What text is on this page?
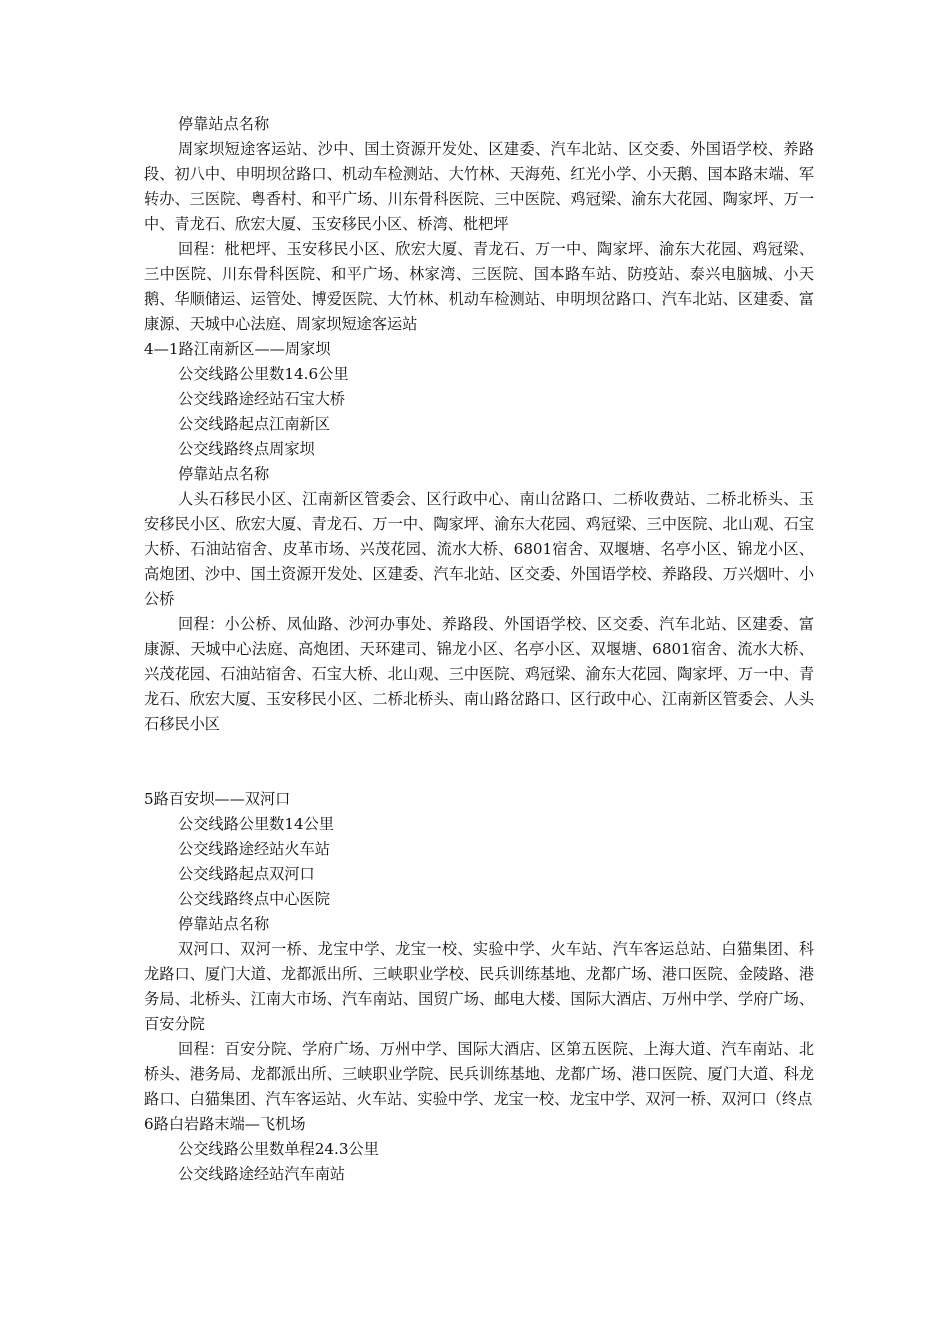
停靠站点名称

周家坝短途客运站、沙中、国土资源开发处、区建委、汽车北站、区交委、外国语学校、养路段、初八中、申明坝岔路口、机动车检测站、大竹林、天海苑、红光小学、小天鹅、国本路末端、军转办、三医院、粤香村、和平广场、川东骨科医院、三中医院、鸡冠梁、渝东大花园、陶家坪、万一中、青龙石、欣宏大厦、玉安移民小区、桥湾、枇杷坪

回程：枇杷坪、玉安移民小区、欣宏大厦、青龙石、万一中、陶家坪、渝东大花园、鸡冠梁、三中医院、川东骨科医院、和平广场、林家湾、三医院、国本路车站、防疫站、泰兴电脑城、小天鹅、华顺储运、运管处、博爱医院、大竹林、机动车检测站、申明坝岔路口、汽车北站、区建委、富康源、天城中心法庭、周家坝短途客运站

4—1路江南新区——周家坝

公交线路公里数14.6公里

公交线路途经站石宝大桥

公交线路起点江南新区

公交线路终点周家坝

停靠站点名称

人头石移民小区、江南新区管委会、区行政中心、南山岔路口、二桥收费站、二桥北桥头、玉安移民小区、欣宏大厦、青龙石、万一中、陶家坪、渝东大花园、鸡冠梁、三中医院、北山观、石宝大桥、石油站宿舍、皮革市场、兴茂花园、流水大桥、6801宿舍、双堰塘、名亭小区、锦龙小区、高炮团、沙中、国土资源开发处、区建委、汽车北站、区交委、外国语学校、养路段、万兴烟叶、小公桥

回程：小公桥、凤仙路、沙河办事处、养路段、外国语学校、区交委、汽车北站、区建委、富康源、天城中心法庭、高炮团、天环建司、锦龙小区、名亭小区、双堰塘、6801宿舍、流水大桥、兴茂花园、石油站宿舍、石宝大桥、北山观、三中医院、鸡冠梁、渝东大花园、陶家坪、万一中、青龙石、欣宏大厦、玉安移民小区、二桥北桥头、南山路岔路口、区行政中心、江南新区管委会、人头石移民小区

5路百安坝——双河口

公交线路公里数14公里

公交线路途经站火车站

公交线路起点双河口

公交线路终点中心医院

停靠站点名称

双河口、双河一桥、龙宝中学、龙宝一校、实验中学、火车站、汽车客运总站、白猫集团、科龙路口、厦门大道、龙都派出所、三峡职业学校、民兵训练基地、龙都广场、港口医院、金陵路、港务局、北桥头、江南大市场、汽车南站、国贸广场、邮电大楼、国际大酒店、万州中学、学府广场、百安分院

回程：百安分院、学府广场、万州中学、国际大酒店、区第五医院、上海大道、汽车南站、北桥头、港务局、龙都派出所、三峡职业学院、民兵训练基地、龙都广场、港口医院、厦门大道、科龙路口、白猫集团、汽车客运站、火车站、实验中学、龙宝一校、龙宝中学、双河一桥、双河口（终点

6路白岩路末端—飞机场

公交线路公里数单程24.3公里

公交线路途经站汽车南站
